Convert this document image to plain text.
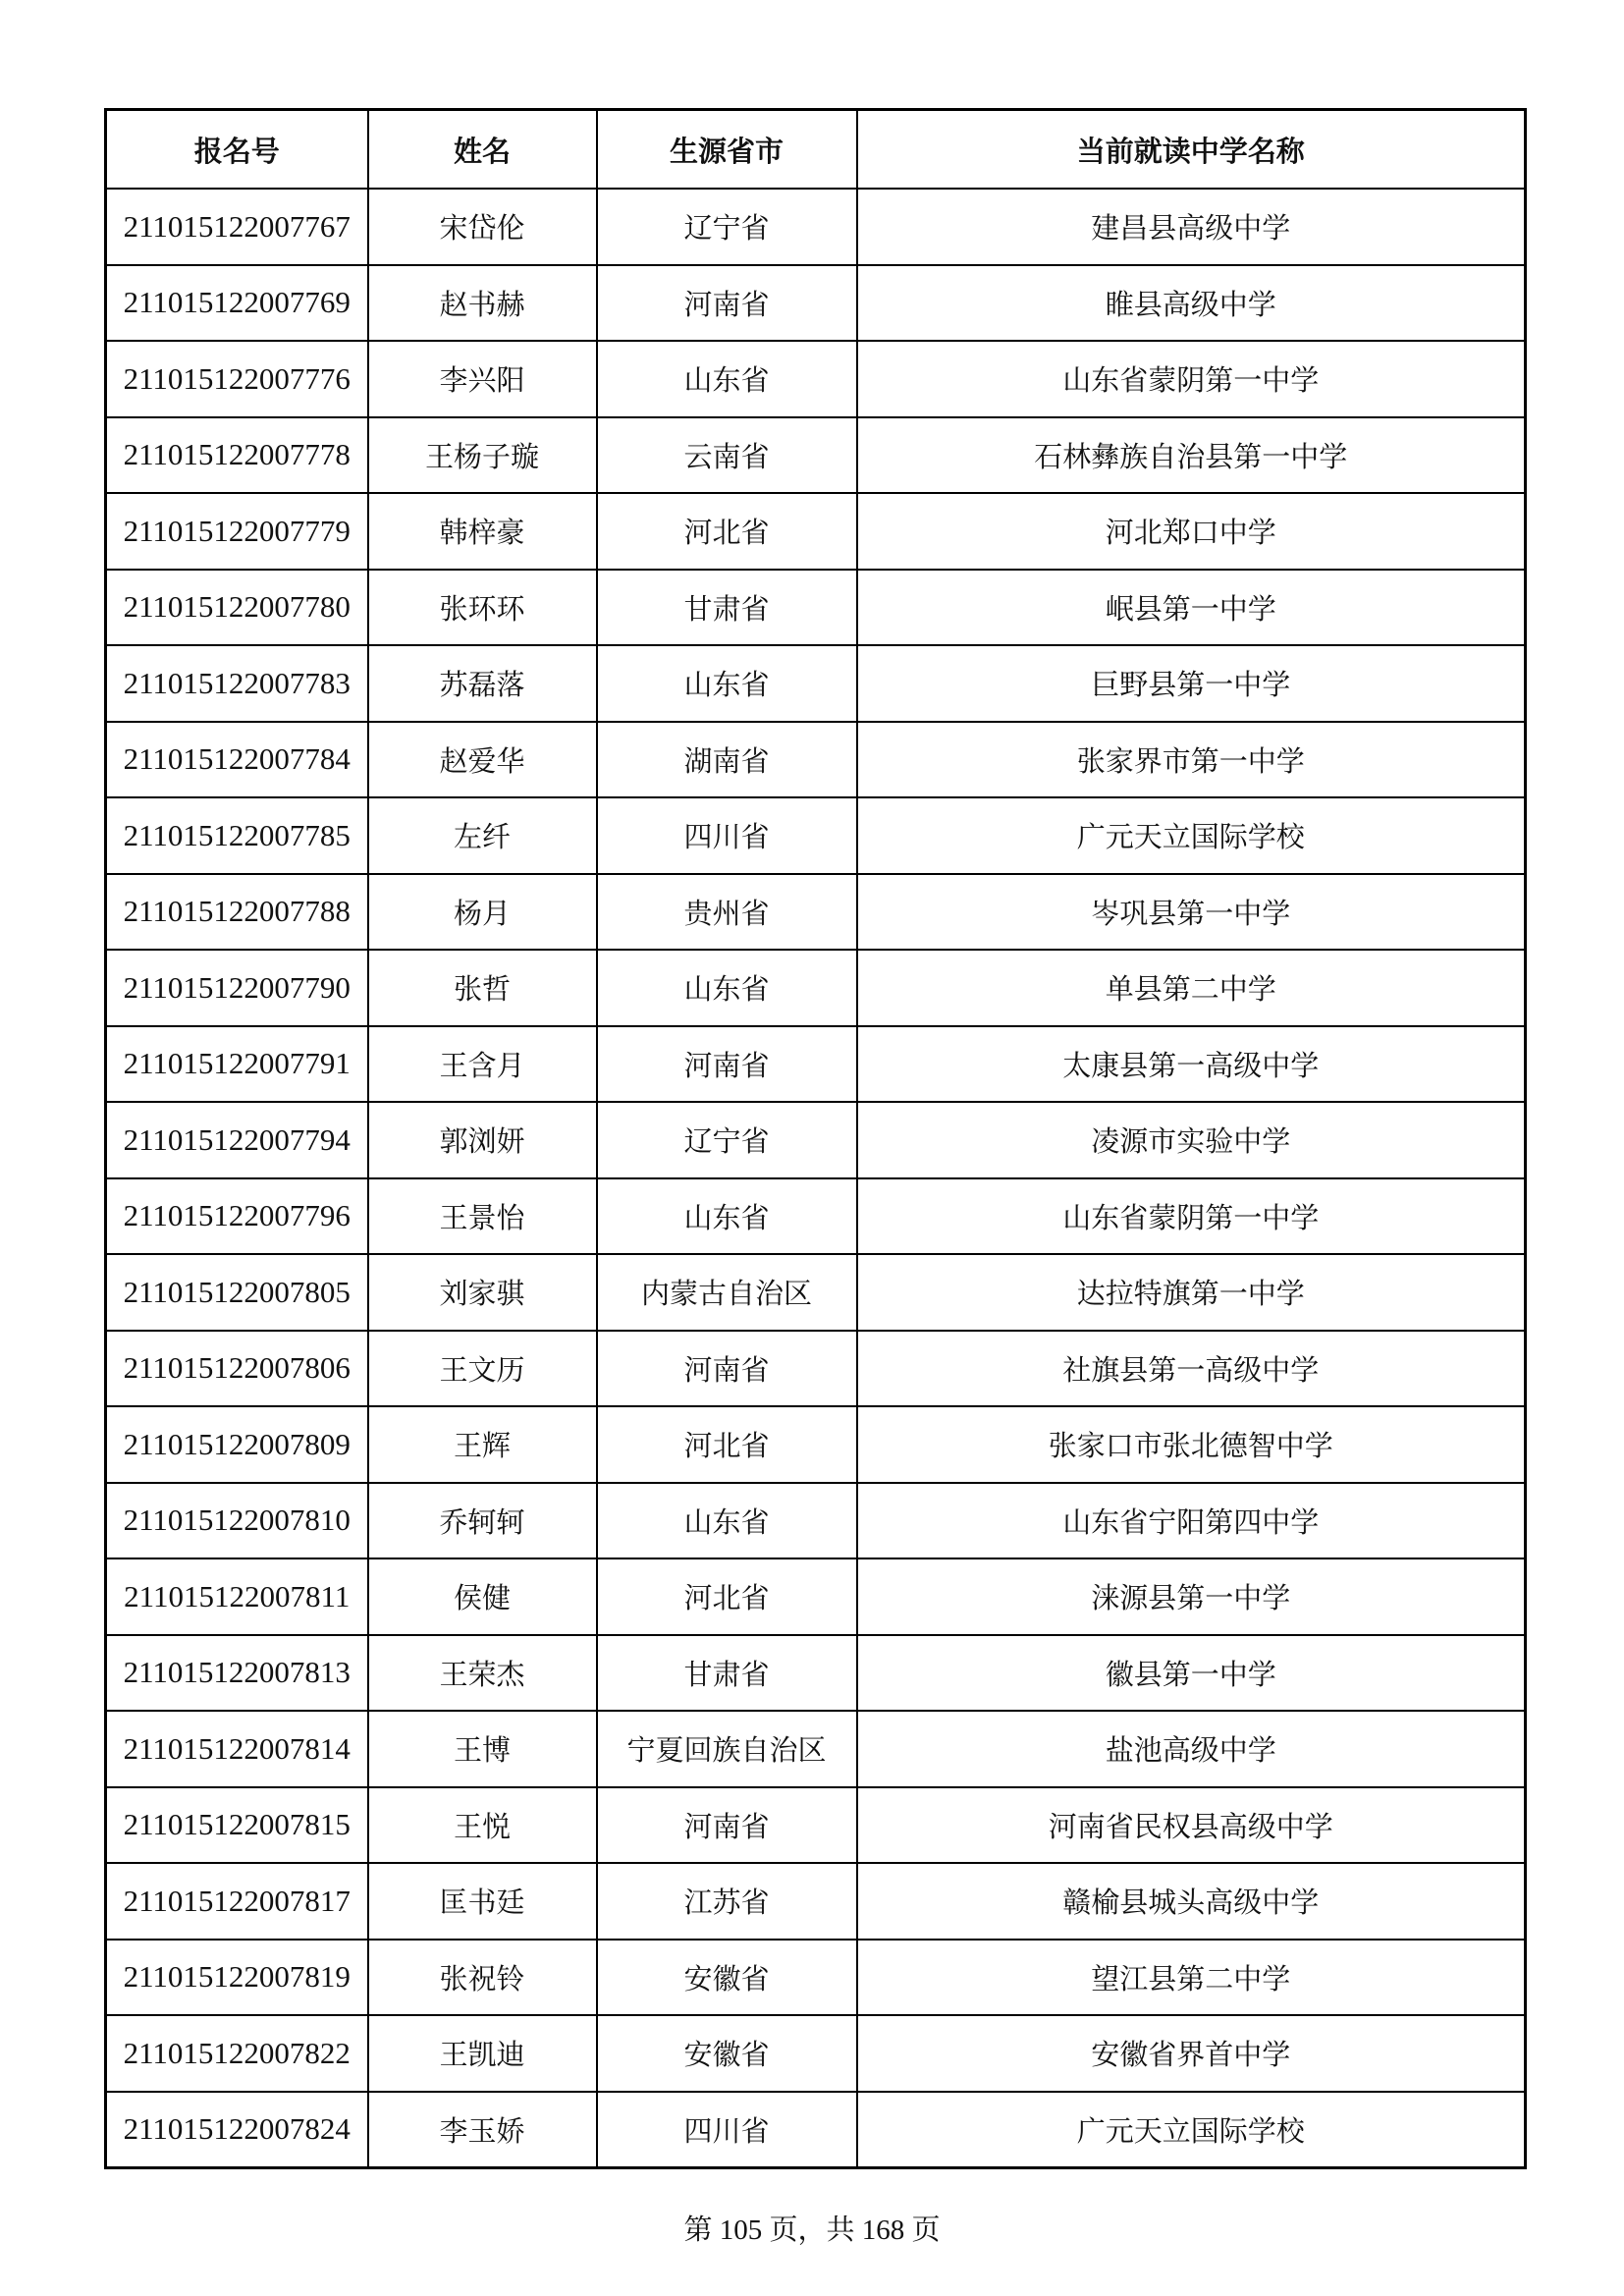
报名号	姓名	生源省市	当前就读中学名称
211015122007767	宋岱伦	辽宁省	建昌县高级中学
211015122007769	赵书赫	河南省	睢县高级中学
211015122007776	李兴阳	山东省	山东省蒙阴第一中学
211015122007778	王杨子璇	云南省	石林彝族自治县第一中学
211015122007779	韩梓豪	河北省	河北郑口中学
211015122007780	张环环	甘肃省	岷县第一中学
211015122007783	苏磊落	山东省	巨野县第一中学
211015122007784	赵爱华	湖南省	张家界市第一中学
211015122007785	左纤	四川省	广元天立国际学校
211015122007788	杨月	贵州省	岑巩县第一中学
211015122007790	张哲	山东省	单县第二中学
211015122007791	王含月	河南省	太康县第一高级中学
211015122007794	郭浏妍	辽宁省	凌源市实验中学
211015122007796	王景怡	山东省	山东省蒙阴第一中学
211015122007805	刘家骐	内蒙古自治区	达拉特旗第一中学
211015122007806	王文历	河南省	社旗县第一高级中学
211015122007809	王辉	河北省	张家口市张北德智中学
211015122007810	乔轲轲	山东省	山东省宁阳第四中学
211015122007811	侯健	河北省	涞源县第一中学
211015122007813	王荣杰	甘肃省	徽县第一中学
211015122007814	王博	宁夏回族自治区	盐池高级中学
211015122007815	王悦	河南省	河南省民权县高级中学
211015122007817	匡书廷	江苏省	赣榆县城头高级中学
211015122007819	张祝铃	安徽省	望江县第二中学
211015122007822	王凯迪	安徽省	安徽省界首中学
211015122007824	李玉娇	四川省	广元天立国际学校
第 105 页，共 168 页
